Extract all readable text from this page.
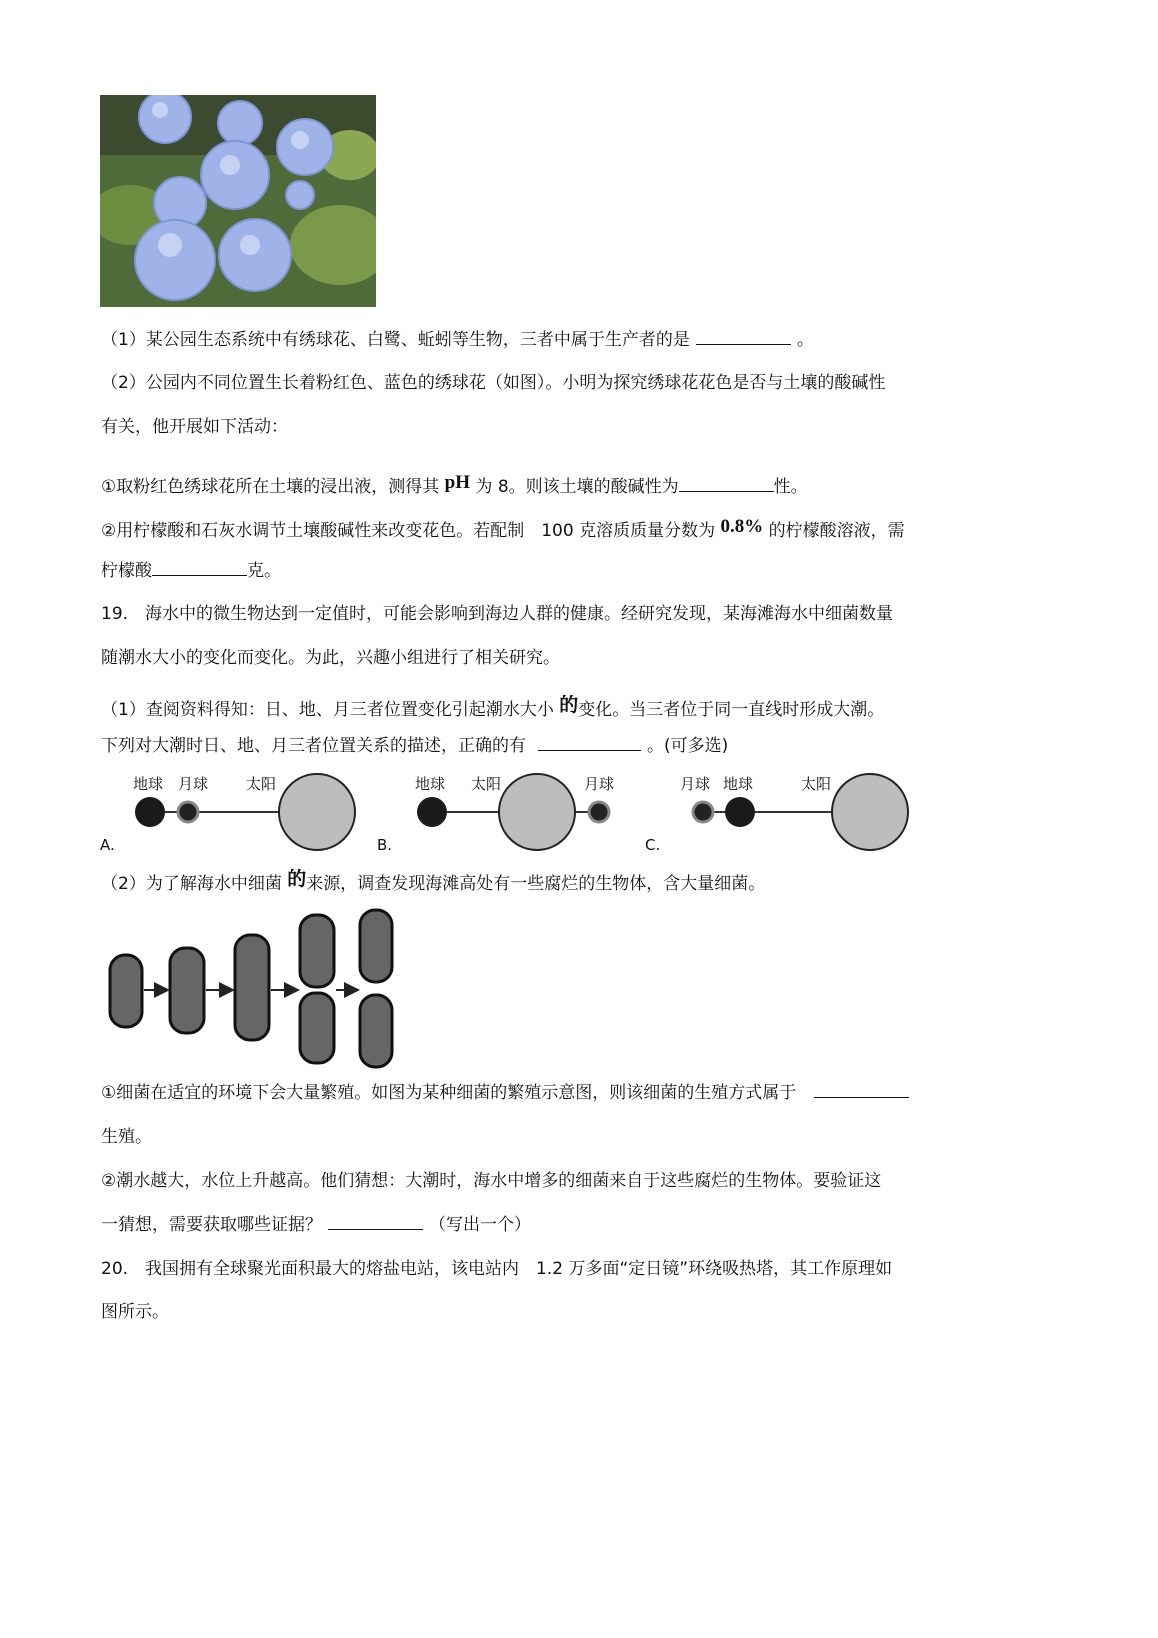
（1）某公园生态系统中有绣球花、白鹭、蚯蚓等生物，三者中属于生产者的是	。
（2）公园内不同位置生长着粉红色、蓝色的绣球花（如图）。小明为探究绣球花花色是否与土壤的酸碱性
有关，他开展如下活动：
①取粉红色绣球花所在土壤的浸出液，测得其 pH 为 8。则该土壤的酸碱性为	性。
②用柠檬酸和石灰水调节土壤酸碱性来改变花色。若配制　100 克溶质质量分数为 0.8% 的柠檬酸溶液，需
柠檬酸	克。
19.　海水中的微生物达到一定值时，可能会影响到海边人群的健康。经研究发现，某海滩海水中细菌数量
随潮水大小的变化而变化。为此，兴趣小组进行了相关研究。
（1）查阅资料得知：日、地、月三者位置变化引起潮水大小 的变化。当三者位于同一直线时形成大潮。
下列对大潮时日、地、月三者位置关系的描述，正确的有	。(可多选)
地球 月球	太阳
A.
地球 太阳	月球
B.
月球 地球	太阳
C.
（2）为了解海水中细菌 的来源，调查发现海滩高处有一些腐烂的生物体，含大量细菌。
①细菌在适宜的环境下会大量繁殖。如图为某种细菌的繁殖示意图，则该细菌的生殖方式属于
生殖。
②潮水越大，水位上升越高。他们猜想：大潮时，海水中增多的细菌来自于这些腐烂的生物体。要验证这
一猜想，需要获取哪些证据？	（写出一个）
20.　我国拥有全球聚光面积最大的熔盐电站，该电站内　1.2 万多面“定日镜”环绕吸热塔，其工作原理如
图所示。
